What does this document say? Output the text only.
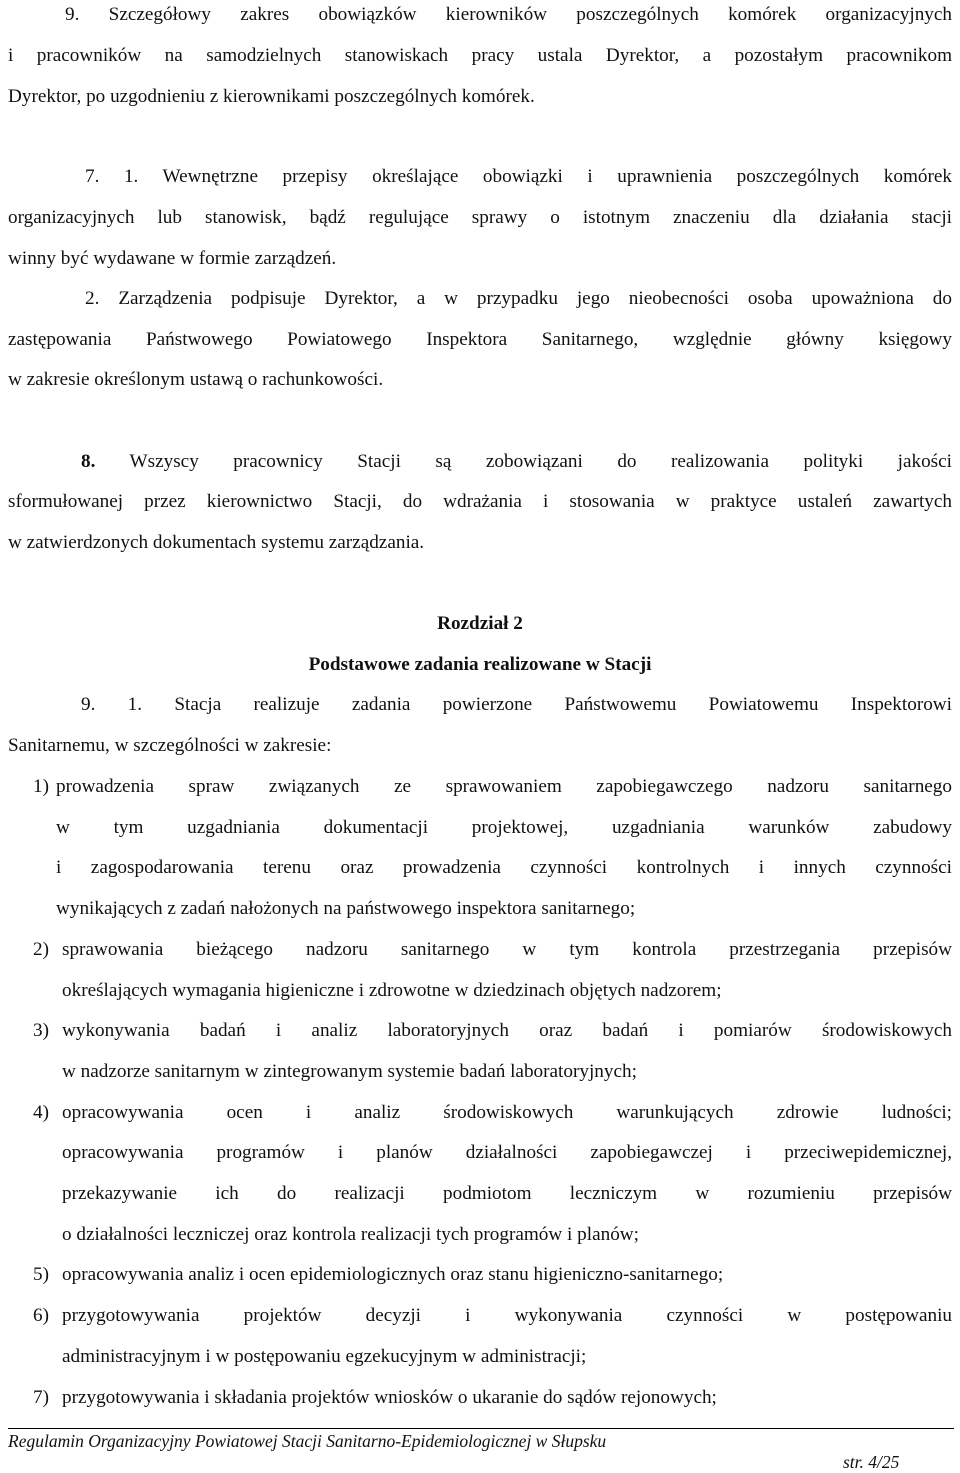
9. Szczegółowy zakres obowiązków kierowników poszczególnych komórek organizacyjnych
i pracowników na samodzielnych stanowiskach pracy ustala Dyrektor, a pozostałym pracownikom
Dyrektor, po uzgodnieniu z kierownikami poszczególnych komórek.
7. 1. Wewnętrzne przepisy określające obowiązki i uprawnienia poszczególnych komórek
organizacyjnych lub stanowisk, bądź regulujące sprawy o istotnym znaczeniu dla działania stacji
winny być wydawane w formie zarządzeń.
2. Zarządzenia podpisuje Dyrektor, a w przypadku jego nieobecności osoba upoważniona do
zastępowania Państwowego Powiatowego Inspektora Sanitarnego, względnie główny księgowy
w zakresie określonym ustawą o rachunkowości.
8. Wszyscy pracownicy Stacji są zobowiązani do realizowania polityki jakości
sformułowanej przez kierownictwo Stacji, do wdrażania i stosowania w praktyce ustaleń zawartych
w zatwierdzonych dokumentach systemu zarządzania.
Rozdział 2
Podstawowe zadania realizowane w Stacji
9. 1. Stacja realizuje zadania powierzone Państwowemu Powiatowemu Inspektorowi
Sanitarnemu, w szczególności w zakresie:
1) prowadzenia spraw związanych ze sprawowaniem zapobiegawczego nadzoru sanitarnego
w tym uzgadniania dokumentacji projektowej, uzgadniania warunków zabudowy
i zagospodarowania terenu oraz prowadzenia czynności kontrolnych i innych czynności
wynikających z zadań nałożonych na państwowego inspektora sanitarnego;
2) sprawowania bieżącego nadzoru sanitarnego w tym kontrola przestrzegania przepisów
określających wymagania higieniczne i zdrowotne w dziedzinach objętych nadzorem;
3) wykonywania badań i analiz laboratoryjnych oraz badań i pomiarów środowiskowych
w nadzorze sanitarnym w zintegrowanym systemie badań laboratoryjnych;
4) opracowywania ocen i analiz środowiskowych warunkujących zdrowie ludności;
opracowywania programów i planów działalności zapobiegawczej i przeciwepidemicznej,
przekazywanie ich do realizacji podmiotom leczniczym w rozumieniu przepisów
o działalności leczniczej oraz kontrola realizacji tych programów i planów;
5) opracowywania analiz i ocen epidemiologicznych oraz stanu higieniczno-sanitarnego;
6) przygotowywania projektów decyzji i wykonywania czynności w postępowaniu
administracyjnym i w postępowaniu egzekucyjnym w administracji;
7) przygotowywania i składania projektów wniosków o ukaranie do sądów rejonowych;
Regulamin Organizacyjny Powiatowej Stacji Sanitarno-Epidemiologicznej w Słupsku
str. 4/25
